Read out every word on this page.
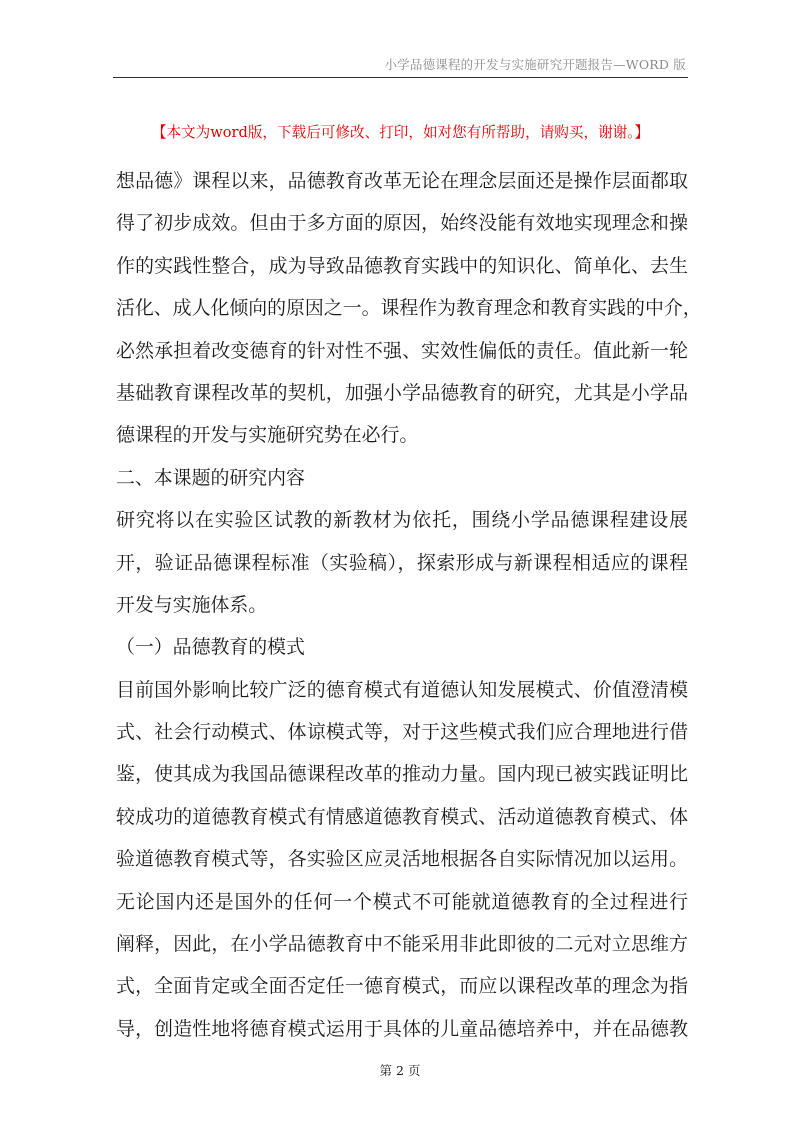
小学品德课程的开发与实施研究开题报告—WORD 版
【本文为word版，下载后可修改、打印，如对您有所帮助，请购买，谢谢。】
想品德》课程以来，品德教育改革无论在理念层面还是操作层面都取
得了初步成效。但由于多方面的原因，始终没能有效地实现理念和操
作的实践性整合，成为导致品德教育实践中的知识化、简单化、去生
活化、成人化倾向的原因之一。课程作为教育理念和教育实践的中介，
必然承担着改变德育的针对性不强、实效性偏低的责任。值此新一轮
基础教育课程改革的契机，加强小学品德教育的研究，尤其是小学品
德课程的开发与实施研究势在必行。
二、本课题的研究内容
研究将以在实验区试教的新教材为依托，围绕小学品德课程建设展
开，验证品德课程标准（实验稿），探索形成与新课程相适应的课程
开发与实施体系。
（一）品德教育的模式
目前国外影响比较广泛的德育模式有道德认知发展模式、价值澄清模
式、社会行动模式、体谅模式等，对于这些模式我们应合理地进行借
鉴，使其成为我国品德课程改革的推动力量。国内现已被实践证明比
较成功的道德教育模式有情感道德教育模式、活动道德教育模式、体
验道德教育模式等，各实验区应灵活地根据各自实际情况加以运用。
无论国内还是国外的任何一个模式不可能就道德教育的全过程进行
阐释，因此，在小学品德教育中不能采用非此即彼的二元对立思维方
式，全面肯定或全面否定任一德育模式，而应以课程改革的理念为指
导，创造性地将德育模式运用于具体的儿童品德培养中，并在品德教
第 2 页
